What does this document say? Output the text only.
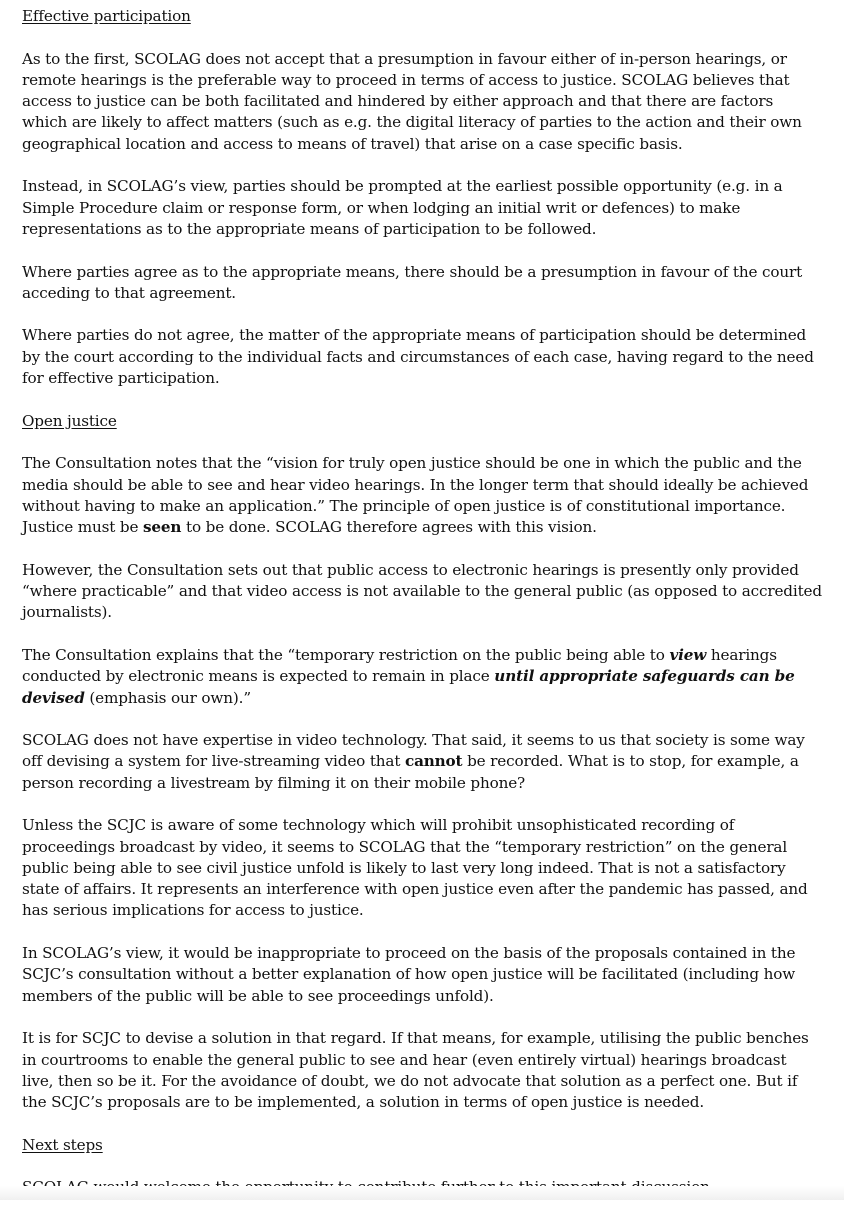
Effective participation

As to the first, SCOLAG does not accept that a presumption in favour either of in-person hearings, or remote hearings is the preferable way to proceed in terms of access to justice. SCOLAG believes that access to justice can be both facilitated and hindered by either approach and that there are factors which are likely to affect matters (such as e.g. the digital literacy of parties to the action and their own geographical location and access to means of travel) that arise on a case specific basis.

Instead, in SCOLAG’s view, parties should be prompted at the earliest possible opportunity (e.g. in a Simple Procedure claim or response form, or when lodging an initial writ or defences) to make representations as to the appropriate means of participation to be followed.

Where parties agree as to the appropriate means, there should be a presumption in favour of the court acceding to that agreement.

Where parties do not agree, the matter of the appropriate means of participation should be determined by the court according to the individual facts and circumstances of each case, having regard to the need for effective participation.

Open justice

The Consultation notes that the “vision for truly open justice should be one in which the public and the media should be able to see and hear video hearings. In the longer term that should ideally be achieved without having to make an application.” The principle of open justice is of constitutional importance. Justice must be seen to be done. SCOLAG therefore agrees with this vision.

However, the Consultation sets out that public access to electronic hearings is presently only provided “where practicable” and that video access is not available to the general public (as opposed to accredited journalists).

The Consultation explains that the “temporary restriction on the public being able to view hearings conducted by electronic means is expected to remain in place until appropriate safeguards can be devised (emphasis our own).”

SCOLAG does not have expertise in video technology. That said, it seems to us that society is some way off devising a system for live-streaming video that cannot be recorded. What is to stop, for example, a person recording a livestream by filming it on their mobile phone?

Unless the SCJC is aware of some technology which will prohibit unsophisticated recording of proceedings broadcast by video, it seems to SCOLAG that the “temporary restriction” on the general public being able to see civil justice unfold is likely to last very long indeed. That is not a satisfactory state of affairs. It represents an interference with open justice even after the pandemic has passed, and has serious implications for access to justice.

In SCOLAG’s view, it would be inappropriate to proceed on the basis of the proposals contained in the SCJC’s consultation without a better explanation of how open justice will be facilitated (including how members of the public will be able to see proceedings unfold).

It is for SCJC to devise a solution in that regard. If that means, for example, utilising the public benches in courtrooms to enable the general public to see and hear (even entirely virtual) hearings broadcast live, then so be it. For the avoidance of doubt, we do not advocate that solution as a perfect one. But if the SCJC’s proposals are to be implemented, a solution in terms of open justice is needed.

Next steps
